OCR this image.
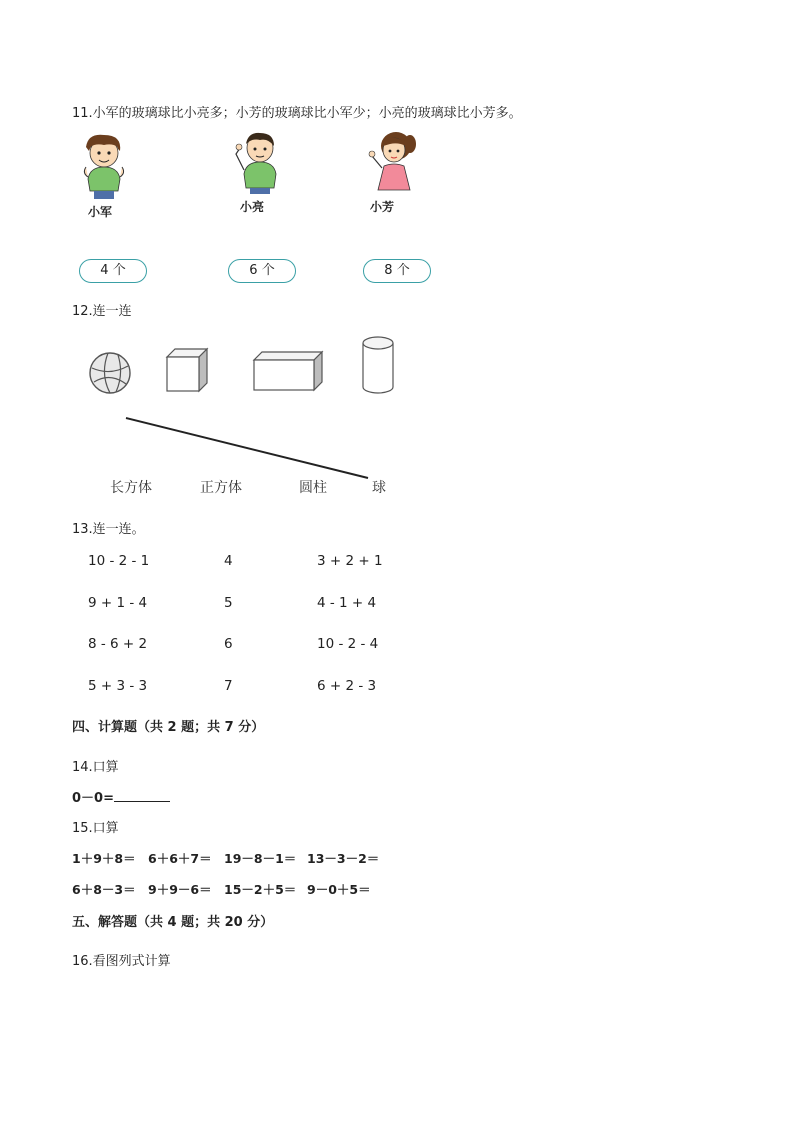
11.小军的玻璃球比小亮多；小芳的玻璃球比小军少；小亮的玻璃球比小芳多。
小军	小亮	小芳
4 个	6 个	8 个
12.连一连
长方体	正方体	圆柱	球
13.连一连。
10 - 2 - 1	4	3 + 2 + 1
9 + 1 - 4	5	4 - 1 + 4
8 - 6 + 2	6	10 - 2 - 4
5 + 3 - 3	7	6 + 2 - 3
四、计算题（共 2 题；共 7 分）
14.口算
0－0=
15.口算
1＋9＋8＝ 6＋6＋7＝ 19－8－1＝ 13－3－2＝
6＋8－3＝ 9＋9－6＝ 15－2＋5＝ 9－0＋5＝
五、解答题（共 4 题；共 20 分）
16.看图列式计算
